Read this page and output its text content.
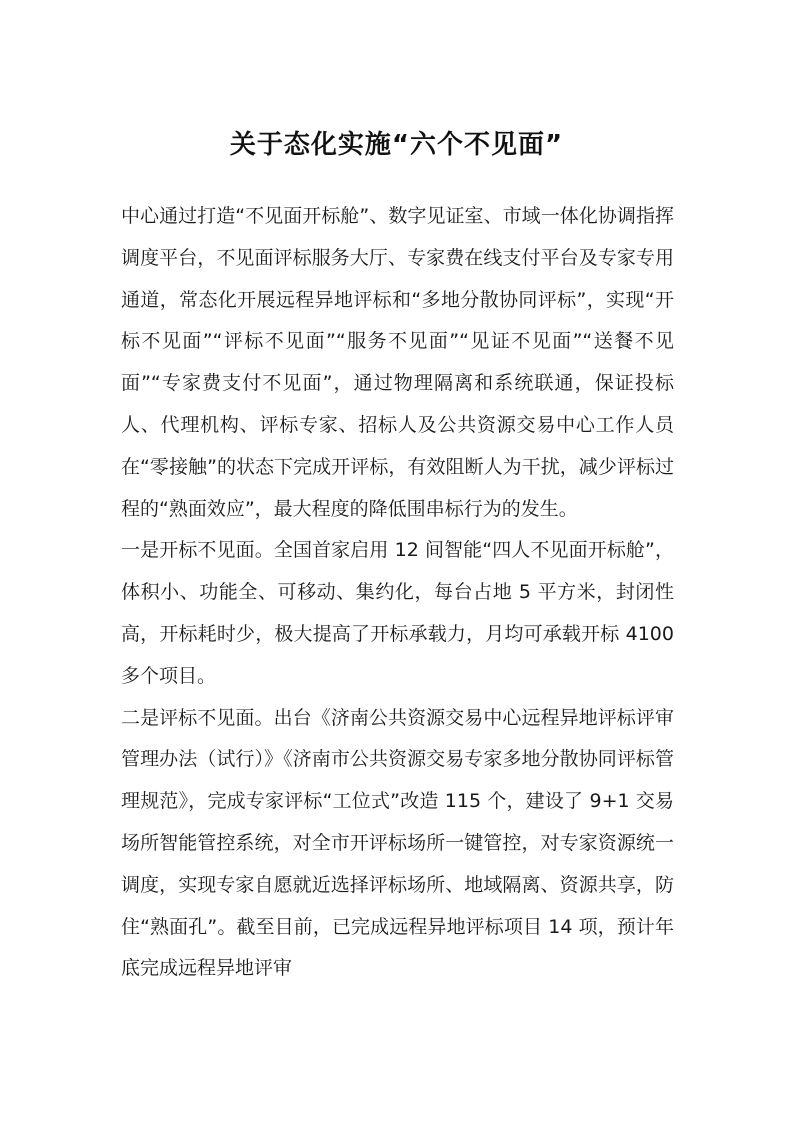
关于态化实施“六个不见面”

中心通过打造“不见面开标舱”、数字见证室、市域一体化协调指挥调度平台，不见面评标服务大厅、专家费在线支付平台及专家专用通道，常态化开展远程异地评标和“多地分散协同评标”，实现“开标不见面”“评标不见面”“服务不见面”“见证不见面”“送餐不见面”“专家费支付不见面”，通过物理隔离和系统联通，保证投标人、代理机构、评标专家、招标人及公共资源交易中心工作人员在“零接触”的状态下完成开评标，有效阻断人为干扰，减少评标过程的“熟面效应”，最大程度的降低围串标行为的发生。

一是开标不见面。全国首家启用 12 间智能“四人不见面开标舱”，体积小、功能全、可移动、集约化，每台占地 5 平方米，封闭性高，开标耗时少，极大提高了开标承载力，月均可承载开标 4100 多个项目。

二是评标不见面。出台《济南公共资源交易中心远程异地评标评审管理办法（试行）》《济南市公共资源交易专家多地分散协同评标管理规范》，完成专家评标“工位式”改造 115 个，建设了 9+1 交易场所智能管控系统，对全市开评标场所一键管控，对专家资源统一调度，实现专家自愿就近选择评标场所、地域隔离、资源共享，防住“熟面孔”。截至目前，已完成远程异地评标项目 14 项，预计年底完成远程异地评审
